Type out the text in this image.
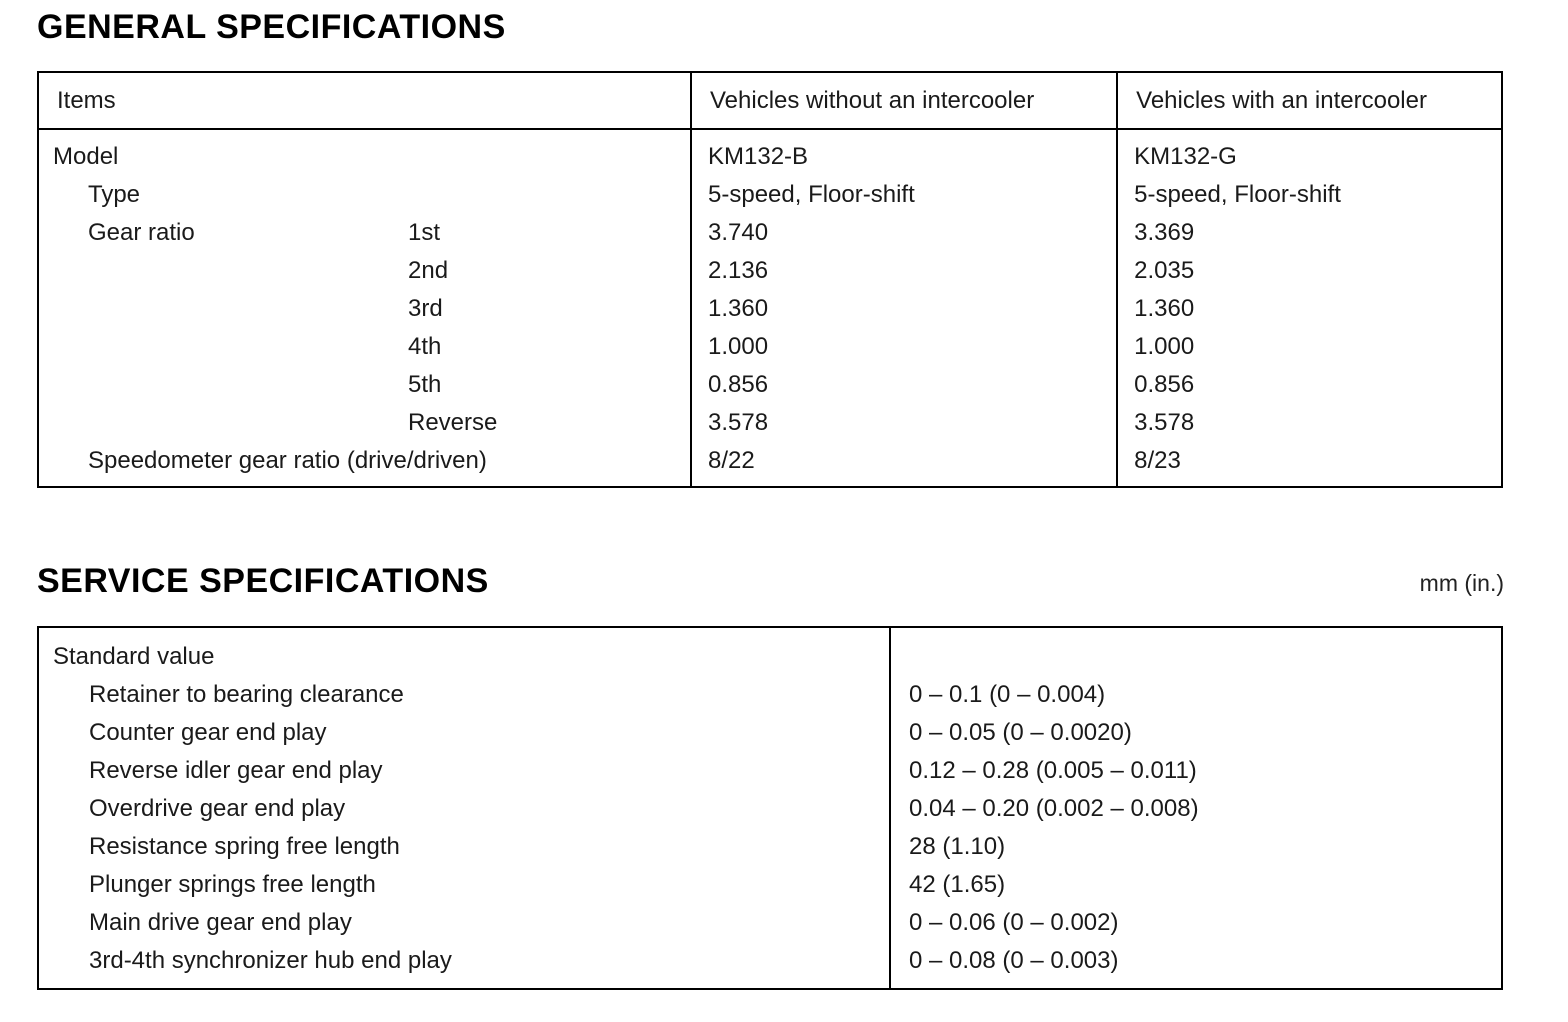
GENERAL SPECIFICATIONS
Items		Vehicles without an intercooler	Vehicles with an intercooler
Model		KM132-B	KM132-G
Type		5-speed, Floor-shift	5-speed, Floor-shift
Gear ratio	1st	3.740	3.369
	2nd	2.136	2.035
	3rd	1.360	1.360
	4th	1.000	1.000
	5th	0.856	0.856
	Reverse	3.578	3.578
Speedometer gear ratio (drive/driven)		8/22	8/23
SERVICE SPECIFICATIONS	mm (in.)
Standard value	
Retainer to bearing clearance	0 – 0.1 (0 – 0.004)
Counter gear end play	0 – 0.05 (0 – 0.0020)
Reverse idler gear end play	0.12 – 0.28 (0.005 – 0.011)
Overdrive gear end play	0.04 – 0.20 (0.002 – 0.008)
Resistance spring free length	28 (1.10)
Plunger springs free length	42 (1.65)
Main drive gear end play	0 – 0.06 (0 – 0.002)
3rd-4th synchronizer hub end play	0 – 0.08 (0 – 0.003)
